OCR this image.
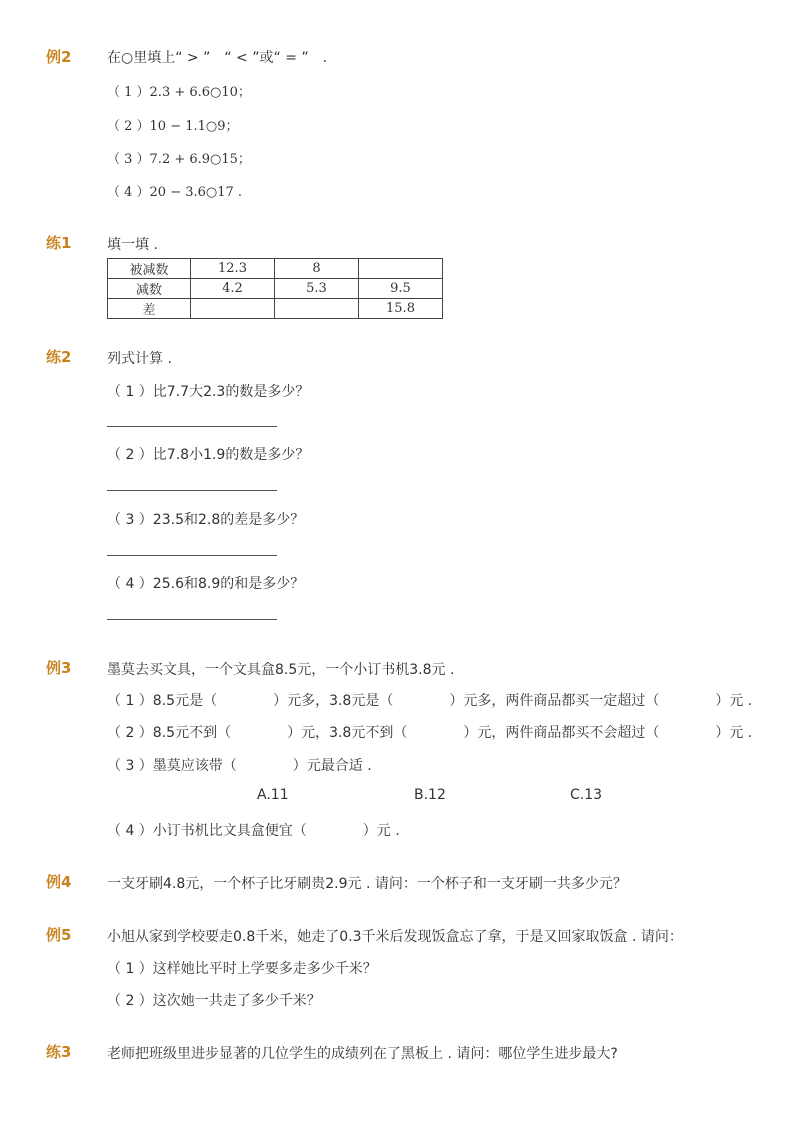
例2	在○里填上“ > ”　“ < ”或“ = ”　.
（ 1 ）2.3 + 6.6○10；
（ 2 ）10 − 1.1○9；
（ 3 ）7.2 + 6.9○15；
（ 4 ）20 − 3.6○17 .
练1	填一填 .
被减数	12.3	8	
减数	4.2	5.3	9.5
差			15.8
练2	列式计算 .
（ 1 ）比7.7大2.3的数是多少？
（ 2 ）比7.8小1.9的数是多少？
（ 3 ）23.5和2.8的差是多少？
（ 4 ）25.6和8.9的和是多少？
例3	墨莫去买文具，一个文具盒8.5元，一个小订书机3.8元 .
（ 1 ）8.5元是（　　　　）元多，3.8元是（　　　　）元多，两件商品都买一定超过（　　　　）元 .
（ 2 ）8.5元不到（　　　　）元，3.8元不到（　　　　）元，两件商品都买不会超过（　　　　）元 .
（ 3 ）墨莫应该带（　　　　）元最合适 .
A.11	B.12	C.13
（ 4 ）小订书机比文具盒便宜（　　　　）元 .
例4	一支牙刷4.8元，一个杯子比牙刷贵2.9元 . 请问：一个杯子和一支牙刷一共多少元？
例5	小旭从家到学校要走0.8千米，她走了0.3千米后发现饭盒忘了拿，于是又回家取饭盒 . 请问：
（ 1 ）这样她比平时上学要多走多少千米？
（ 2 ）这次她一共走了多少千米？
练3	老师把班级里进步显著的几位学生的成绩列在了黑板上 . 请问：哪位学生进步最大?
